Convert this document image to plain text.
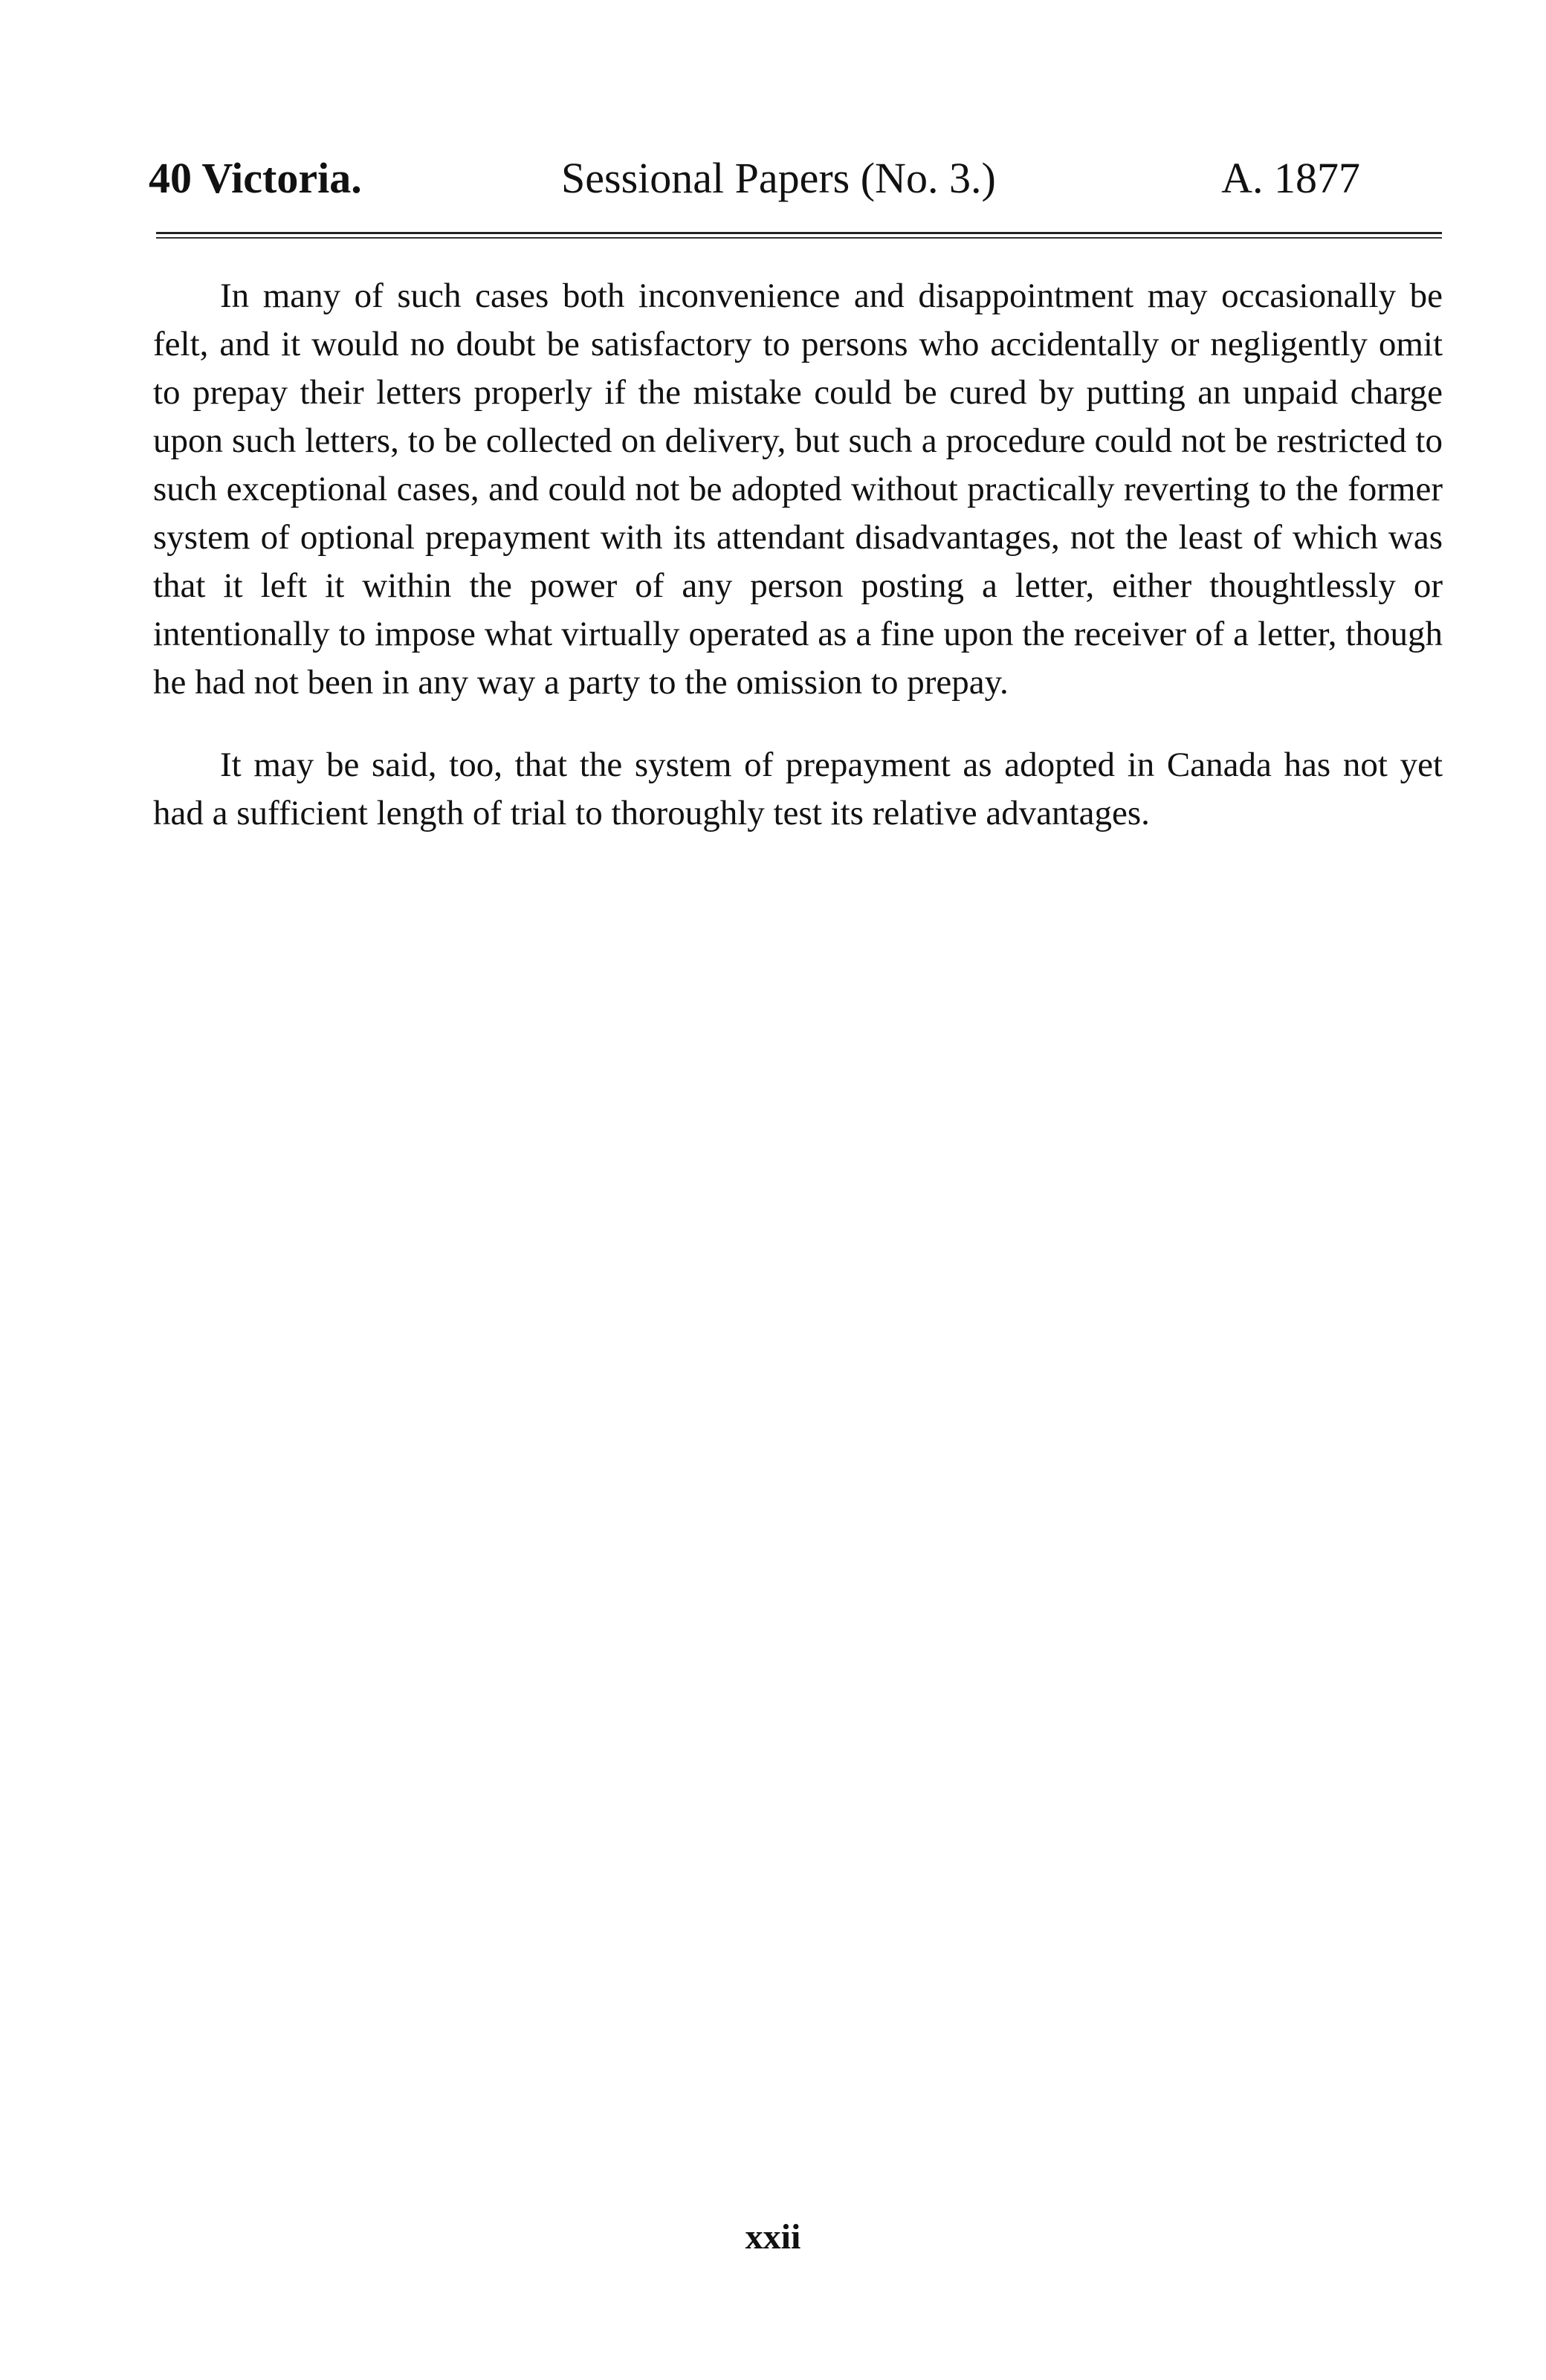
40 Victoria.	Sessional Papers (No. 3.)	A. 1877

In many of such cases both inconvenience and disappointment may occasionally be felt, and it would no doubt be satisfactory to persons who accidentally or negligently omit to prepay their letters properly if the mistake could be cured by putting an unpaid charge upon such letters, to be collected on delivery, but such a procedure could not be restricted to such exceptional cases, and could not be adopted without practically reverting to the former system of optional prepayment with its attendant disadvantages, not the least of which was that it left it within the power of any person posting a letter, either thoughtlessly or intentionally to impose what virtually operated as a fine upon the receiver of a letter, though he had not been in any way a party to the omission to prepay.

It may be said, too, that the system of prepayment as adopted in Canada has not yet had a sufficient length of trial to thoroughly test its relative advantages.

xxii
